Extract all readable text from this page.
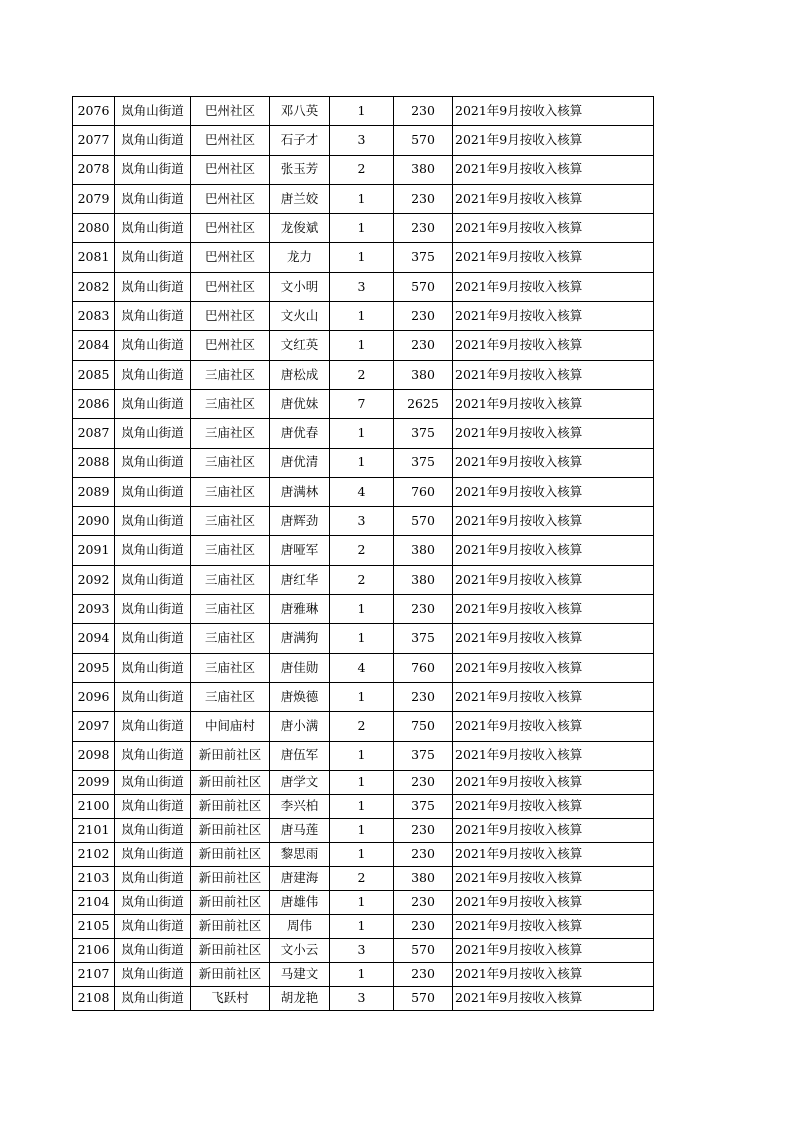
2076	岚角山街道	巴州社区	邓八英	1	230	2021年9月按收入核算
2077	岚角山街道	巴州社区	石子才	3	570	2021年9月按收入核算
2078	岚角山街道	巴州社区	张玉芳	2	380	2021年9月按收入核算
2079	岚角山街道	巴州社区	唐兰姣	1	230	2021年9月按收入核算
2080	岚角山街道	巴州社区	龙俊斌	1	230	2021年9月按收入核算
2081	岚角山街道	巴州社区	龙力	1	375	2021年9月按收入核算
2082	岚角山街道	巴州社区	文小明	3	570	2021年9月按收入核算
2083	岚角山街道	巴州社区	文火山	1	230	2021年9月按收入核算
2084	岚角山街道	巴州社区	文红英	1	230	2021年9月按收入核算
2085	岚角山街道	三庙社区	唐松成	2	380	2021年9月按收入核算
2086	岚角山街道	三庙社区	唐优妹	7	2625	2021年9月按收入核算
2087	岚角山街道	三庙社区	唐优春	1	375	2021年9月按收入核算
2088	岚角山街道	三庙社区	唐优清	1	375	2021年9月按收入核算
2089	岚角山街道	三庙社区	唐满林	4	760	2021年9月按收入核算
2090	岚角山街道	三庙社区	唐辉劲	3	570	2021年9月按收入核算
2091	岚角山街道	三庙社区	唐哑军	2	380	2021年9月按收入核算
2092	岚角山街道	三庙社区	唐红华	2	380	2021年9月按收入核算
2093	岚角山街道	三庙社区	唐雅琳	1	230	2021年9月按收入核算
2094	岚角山街道	三庙社区	唐满狗	1	375	2021年9月按收入核算
2095	岚角山街道	三庙社区	唐佳勋	4	760	2021年9月按收入核算
2096	岚角山街道	三庙社区	唐焕德	1	230	2021年9月按收入核算
2097	岚角山街道	中间庙村	唐小满	2	750	2021年9月按收入核算
2098	岚角山街道	新田前社区	唐伍军	1	375	2021年9月按收入核算
2099	岚角山街道	新田前社区	唐学文	1	230	2021年9月按收入核算
2100	岚角山街道	新田前社区	李兴柏	1	375	2021年9月按收入核算
2101	岚角山街道	新田前社区	唐马莲	1	230	2021年9月按收入核算
2102	岚角山街道	新田前社区	黎思雨	1	230	2021年9月按收入核算
2103	岚角山街道	新田前社区	唐建海	2	380	2021年9月按收入核算
2104	岚角山街道	新田前社区	唐雄伟	1	230	2021年9月按收入核算
2105	岚角山街道	新田前社区	周伟	1	230	2021年9月按收入核算
2106	岚角山街道	新田前社区	文小云	3	570	2021年9月按收入核算
2107	岚角山街道	新田前社区	马建文	1	230	2021年9月按收入核算
2108	岚角山街道	飞跃村	胡龙艳	3	570	2021年9月按收入核算
